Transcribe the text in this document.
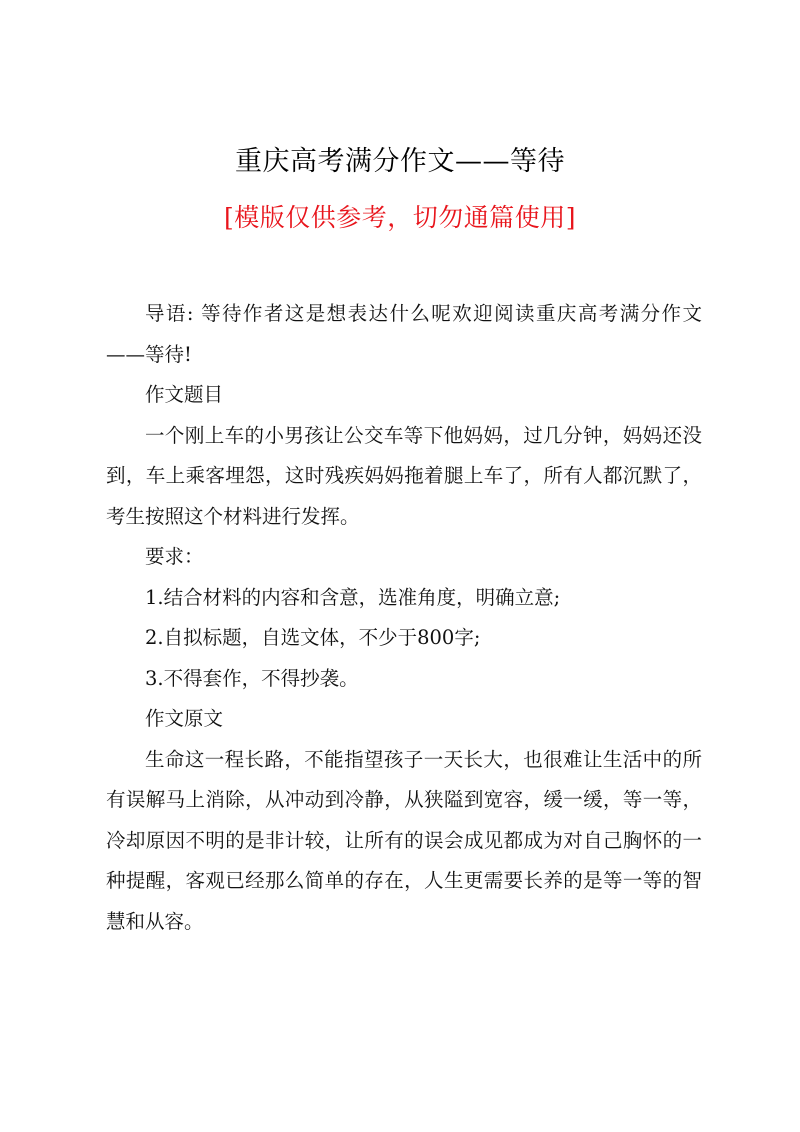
重庆高考满分作文——等待
[模版仅供参考，切勿通篇使用]

导语: 等待作者这是想表达什么呢欢迎阅读重庆高考满分作文——等待!

作文题目

一个刚上车的小男孩让公交车等下他妈妈，过几分钟，妈妈还没到，车上乘客埋怨，这时残疾妈妈拖着腿上车了，所有人都沉默了，考生按照这个材料进行发挥。

要求：

1.结合材料的内容和含意，选准角度，明确立意;

2.自拟标题，自选文体，不少于800字;

3.不得套作，不得抄袭。

作文原文

生命这一程长路，不能指望孩子一天长大，也很难让生活中的所有误解马上消除，从冲动到冷静，从狭隘到宽容，缓一缓，等一等，冷却原因不明的是非计较，让所有的误会成见都成为对自己胸怀的一种提醒，客观已经那么简单的存在，人生更需要长养的是等一等的智慧和从容。
